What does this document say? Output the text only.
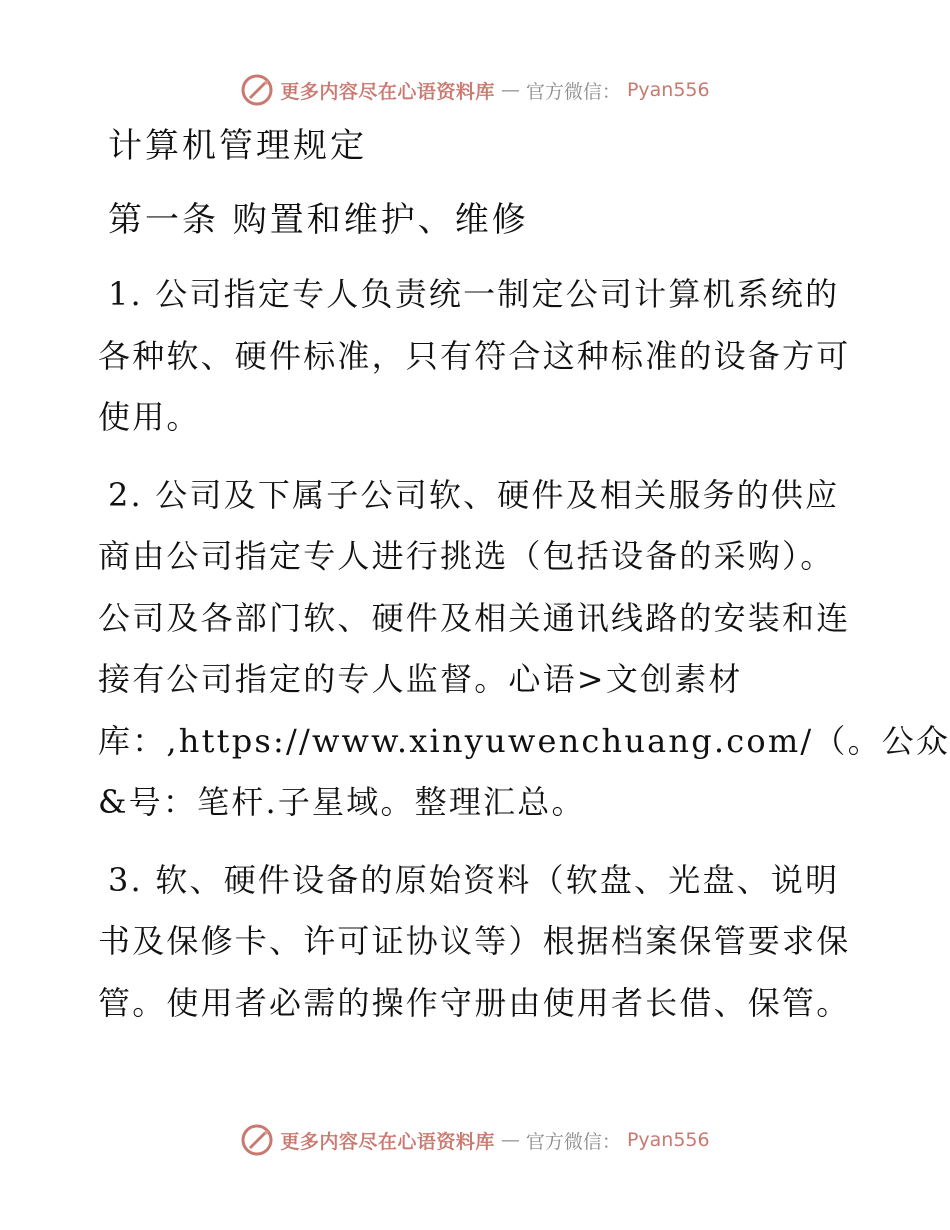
更多内容尽在心语资料库 — 官方微信： Pyan556
计算机管理规定
第一条 购置和维护、维修
1. 公司指定专人负责统一制定公司计算机系统的
各种软、硬件标准，只有符合这种标准的设备方可
使用。
2. 公司及下属子公司软、硬件及相关服务的供应
商由公司指定专人进行挑选（包括设备的采购）。
公司及各部门软、硬件及相关通讯线路的安装和连
接有公司指定的专人监督。心语>文创素材
库：,https://www.xinyuwenchuang.com/（。公众
&号：笔杆.子星域。整理汇总。
3. 软、硬件设备的原始资料（软盘、光盘、说明
书及保修卡、许可证协议等）根据档案保管要求保
管。使用者必需的操作守册由使用者长借、保管。
更多内容尽在心语资料库 — 官方微信： Pyan556
